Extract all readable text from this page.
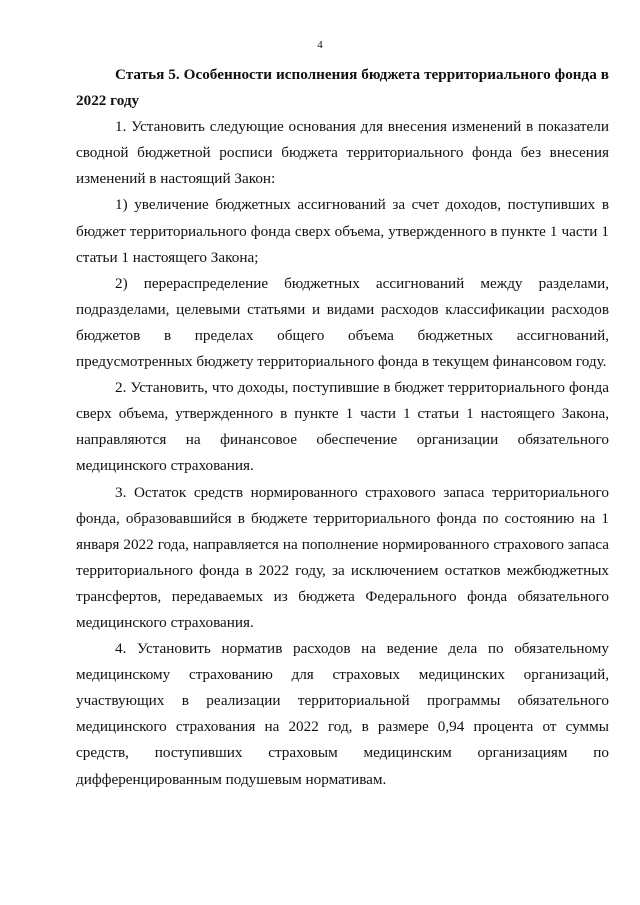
4

Статья 5. Особенности исполнения бюджета территориального фонда в 2022 году

1. Установить следующие основания для внесения изменений в показатели сводной бюджетной росписи бюджета территориального фонда без внесения изменений в настоящий Закон:

1) увеличение бюджетных ассигнований за счет доходов, поступивших в бюджет территориального фонда сверх объема, утвержденного в пункте 1 части 1 статьи 1 настоящего Закона;

2) перераспределение бюджетных ассигнований между разделами, подразделами, целевыми статьями и видами расходов классификации расходов бюджетов в пределах общего объема бюджетных ассигнований, предусмотренных бюджету территориального фонда в текущем финансовом году.

2. Установить, что доходы, поступившие в бюджет территориального фонда сверх объема, утвержденного в пункте 1 части 1 статьи 1 настоящего Закона, направляются на финансовое обеспечение организации обязательного медицинского страхования.

3. Остаток средств нормированного страхового запаса территориального фонда, образовавшийся в бюджете территориального фонда по состоянию на 1 января 2022 года, направляется на пополнение нормированного страхового запаса территориального фонда в 2022 году, за исключением остатков межбюджетных трансфертов, передаваемых из бюджета Федерального фонда обязательного медицинского страхования.

4. Установить норматив расходов на ведение дела по обязательному медицинскому страхованию для страховых медицинских организаций, участвующих в реализации территориальной программы обязательного медицинского страхования на 2022 год, в размере 0,94 процента от суммы средств, поступивших страховым медицинским организациям по дифференцированным подушевым нормативам.
